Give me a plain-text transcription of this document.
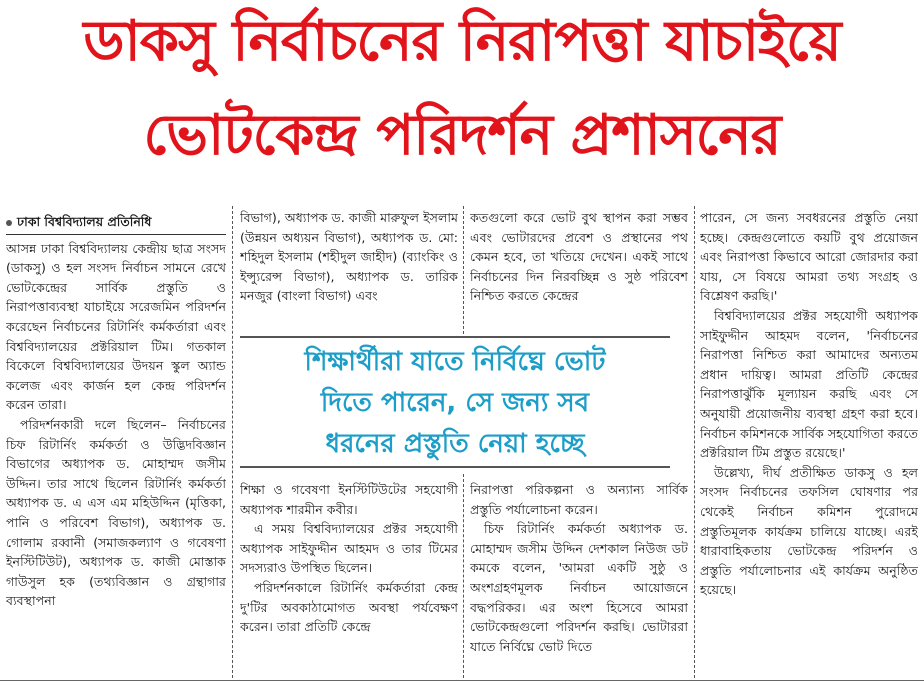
ডাকসু নির্বাচনের নিরাপত্তা যাচাইয়ে
ভোটকেন্দ্র পরিদর্শন প্রশাসনের
ঢাকা বিশ্ববিদ্যালয় প্রতিনিধি

আসন্ন ঢাকা বিশ্ববিদ্যালয় কেন্দ্রীয় ছাত্র সংসদ (ডাকসু) ও হল সংসদ নির্বাচন সামনে রেখে ভোটকেন্দ্রের সার্বিক প্রস্তুতি ও নিরাপত্তাব্যবস্থা যাচাইয়ে সরেজমিন পরিদর্শন করেছেন নির্বাচনের রিটার্নিং কর্মকর্তারা এবং বিশ্ববিদ্যালয়ের প্রক্টরিয়াল টিম। গতকাল বিকেলে বিশ্ববিদ্যালয়ের উদয়ন স্কুল অ্যান্ড কলেজ এবং কার্জন হল কেন্দ্র পরিদর্শন করেন তারা।

পরিদর্শনকারী দলে ছিলেন– নির্বাচনের চিফ রিটার্নিং কর্মকর্তা ও উদ্ভিদবিজ্ঞান বিভাগের অধ্যাপক ড. মোহাম্মদ জসীম উদ্দিন। তার সাথে ছিলেন রিটার্নিং কর্মকর্তা অধ্যাপক ড. এ এস এম মহিউদ্দিন (মৃত্তিকা, পানি ও পরিবেশ বিভাগ), অধ্যাপক ড. গোলাম রব্বানী (সমাজকল্যাণ ও গবেষণা ইনস্টিটিউট), অধ্যাপক ড. কাজী মোস্তাক গাউসুল হক (তথ্যবিজ্ঞান ও গ্রন্থাগার ব্যবস্থাপনা

বিভাগ), অধ্যাপক ড. কাজী মারুফুল ইসলাম (উন্নয়ন অধ্যয়ন বিভাগ), অধ্যাপক ড. মো: শহিদুল ইসলাম (শহীদুল জাহীদ) (ব্যাংকিং ও ইন্স্যুরেন্স বিভাগ), অধ্যাপক ড. তারিক মনজুর (বাংলা বিভাগ) এবং

শিক্ষা ও গবেষণা ইনস্টিটিউটের সহযোগী অধ্যাপক শারমীন কবীর।

এ সময় বিশ্ববিদ্যালয়ের প্রক্টর সহযোগী অধ্যাপক সাইফুদ্দীন আহমদ ও তার টিমের সদস্যরাও উপস্থিত ছিলেন।

পরিদর্শনকালে রিটার্নিং কর্মকর্তারা কেন্দ্র দু'টির অবকাঠামোগত অবস্থা পর্যবেক্ষণ করেন। তারা প্রতিটি কেন্দ্রে

কতগুলো করে ভোট বুথ স্থাপন করা সম্ভব এবং ভোটারদের প্রবেশ ও প্রস্থানের পথ কেমন হবে, তা খতিয়ে দেখেন। একই সাথে নির্বাচনের দিন নিরবচ্ছিন্ন ও সুষ্ঠ পরিবেশ নিশ্চিত করতে কেন্দ্রের

নিরাপত্তা পরিকল্পনা ও অন্যান্য সার্বিক প্রস্তুতি পর্যালোচনা করেন।

চিফ রিটার্নিং কর্মকর্তা অধ্যাপক ড. মোহাম্মদ জসীম উদ্দিন দেশকাল নিউজ ডট কমকে বলেন, 'আমরা একটি সুষ্ঠু ও অংশগ্রহণমূলক নির্বাচন আয়োজনে বদ্ধপরিকর। এর অংশ হিসেবে আমরা ভোটকেন্দ্রগুলো পরিদর্শন করছি। ভোটাররা যাতে নির্বিঘ্নে ভোট দিতে

পারেন, সে জন্য সবধরনের প্রস্তুতি নেয়া হচ্ছে। কেন্দ্রগুলোতে কয়টি বুথ প্রয়োজন এবং নিরাপত্তা কিভাবে আরো জোরদার করা যায়, সে বিষয়ে আমরা তথ্য সংগ্রহ ও বিশ্লেষণ করছি।'

বিশ্ববিদ্যালয়ের প্রক্টর সহযোগী অধ্যাপক সাইফুদ্দীন আহমদ বলেন, 'নির্বাচনের নিরাপত্তা নিশ্চিত করা আমাদের অন্যতম প্রধান দায়িত্ব। আমরা প্রতিটি কেন্দ্রের নিরাপত্তাঝুঁকি মূল্যায়ন করছি এবং সে অনুযায়ী প্রয়োজনীয় ব্যবস্থা গ্রহণ করা হবে। নির্বাচন কমিশনকে সার্বিক সহযোগিতা করতে প্রক্টরিয়াল টিম প্রস্তুত রয়েছে।'

উল্লেখ্য, দীর্ঘ প্রতীক্ষিত ডাকসু ও হল সংসদ নির্বাচনের তফসিল ঘোষণার পর থেকেই নির্বাচন কমিশন পুরোদমে প্রস্তুতিমূলক কার্যক্রম চালিয়ে যাচ্ছে। এরই ধারাবাহিকতায় ভোটকেন্দ্র পরিদর্শন ও প্রস্তুতি পর্যালোচনার এই কার্যক্রম অনুষ্ঠিত হয়েছে।

শিক্ষার্থীরা যাতে নির্বিঘ্নে ভোট
দিতে পারেন, সে জন্য সব
ধরনের প্রস্তুতি নেয়া হচ্ছে
